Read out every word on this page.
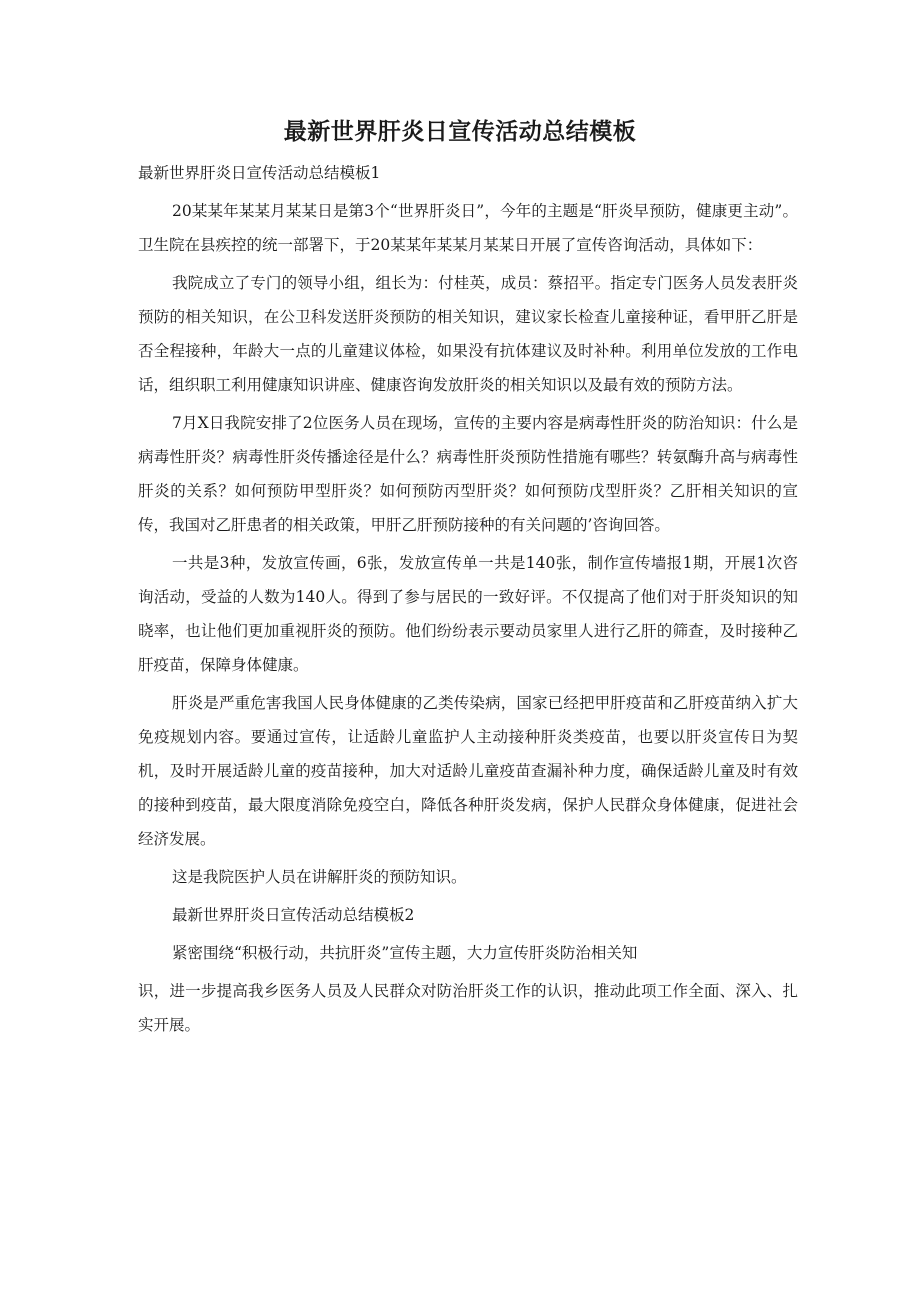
最新世界肝炎日宣传活动总结模板

最新世界肝炎日宣传活动总结模板1

20某某年某某月某某日是第3个“世界肝炎日”，今年的主题是“肝炎早预防，健康更主动”。卫生院在县疾控的统一部署下，于20某某年某某月某某日开展了宣传咨询活动，具体如下：

我院成立了专门的领导小组，组长为：付桂英，成员：蔡招平。指定专门医务人员发表肝炎预防的相关知识，在公卫科发送肝炎预防的相关知识，建议家长检查儿童接种证，看甲肝乙肝是否全程接种，年龄大一点的儿童建议体检，如果没有抗体建议及时补种。利用单位发放的工作电话，组织职工利用健康知识讲座、健康咨询发放肝炎的相关知识以及最有效的预防方法。

7月X日我院安排了2位医务人员在现场，宣传的主要内容是病毒性肝炎的防治知识：什么是病毒性肝炎？病毒性肝炎传播途径是什么？病毒性肝炎预防性措施有哪些？转氨酶升高与病毒性肝炎的关系？如何预防甲型肝炎？如何预防丙型肝炎？如何预防戊型肝炎？乙肝相关知识的宣传，我国对乙肝患者的相关政策，甲肝乙肝预防接种的有关问题的’咨询回答。

一共是3种，发放宣传画，6张，发放宣传单一共是140张，制作宣传墙报1期，开展1次咨询活动，受益的人数为140人。得到了参与居民的一致好评。不仅提高了他们对于肝炎知识的知晓率，也让他们更加重视肝炎的预防。他们纷纷表示要动员家里人进行乙肝的筛查，及时接种乙肝疫苗，保障身体健康。

肝炎是严重危害我国人民身体健康的乙类传染病，国家已经把甲肝疫苗和乙肝疫苗纳入扩大免疫规划内容。要通过宣传，让适龄儿童监护人主动接种肝炎类疫苗，也要以肝炎宣传日为契机，及时开展适龄儿童的疫苗接种，加大对适龄儿童疫苗查漏补种力度，确保适龄儿童及时有效的接种到疫苗，最大限度消除免疫空白，降低各种肝炎发病，保护人民群众身体健康，促进社会经济发展。

这是我院医护人员在讲解肝炎的预防知识。

最新世界肝炎日宣传活动总结模板2

紧密围绕“积极行动，共抗肝炎”宣传主题，大力宣传肝炎防治相关知

识，进一步提高我乡医务人员及人民群众对防治肝炎工作的认识，推动此项工作全面、深入、扎实开展。
